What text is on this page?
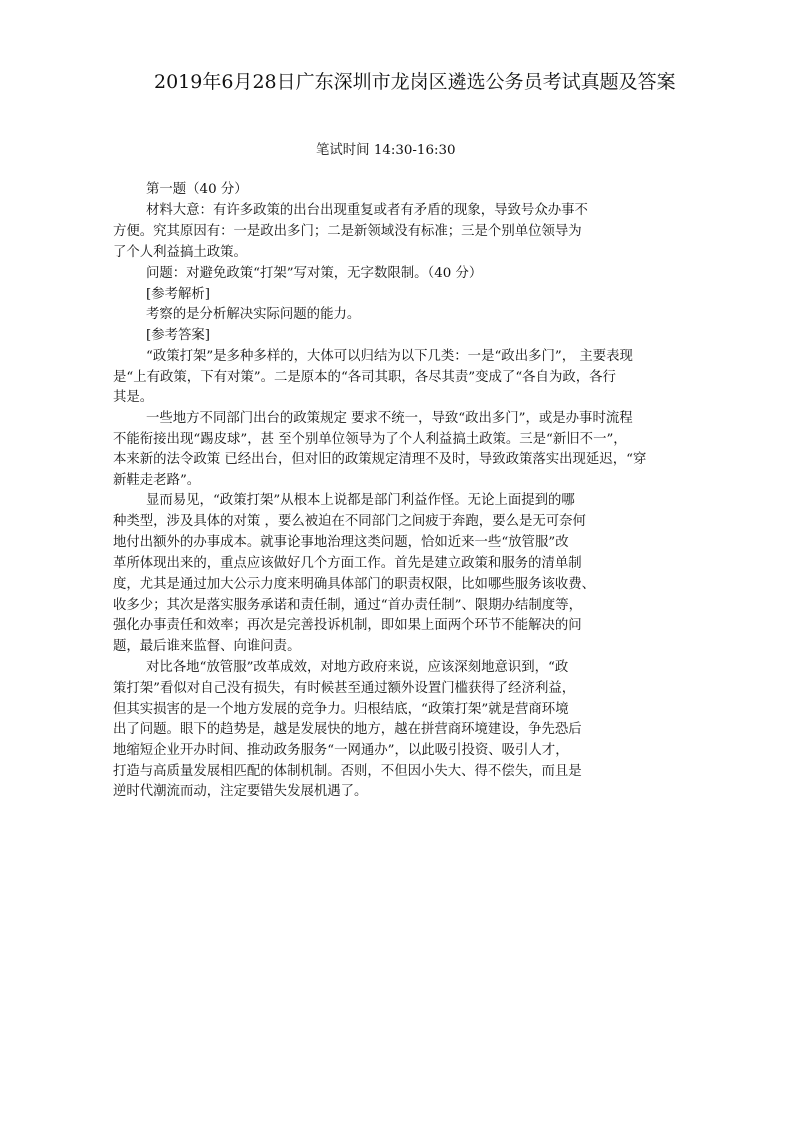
2019年6月28日广东深圳市龙岗区遴选公务员考试真题及答案
笔试时间 14:30-16:30
第一题（40 分）
材料大意：有许多政策的出台出现重复或者有矛盾的现象，导致号众办事不
方便。究其原因有：一是政出多门；二是新领域没有标准；三是个别单位领导为
了个人利益搞土政策。
问题：对避免政策“打架”写对策，无字数限制。（40 分）
[参考解析]
考察的是分析解决实际问题的能力。
[参考答案]
“政策打架”是多种多样的，大体可以归结为以下几类：一是“政出多门”， 主要表现
是“上有政策，下有对策”。二是原本的“各司其职，各尽其责”变成了“各自为政，各行
其是。
一些地方不同部门出台的政策规定 要求不统一，导致“政出多门”，或是办事时流程
不能衔接出现“踢皮球”，甚 至个别单位领导为了个人利益搞土政策。三是“新旧不一”，
本来新的法令政策 已经出台，但对旧的政策规定清理不及时，导致政策落实出现延迟，“穿
新鞋走老路”。
显而易见，“政策打架”从根本上说都是部门利益作怪。无论上面提到的哪
种类型，涉及具体的对策 ，要么被迫在不同部门之间疲于奔跑，要么是无可奈何
地付出额外的办事成本。就事论事地治理这类问题，恰如近来一些“放管服”改
革所体现出来的，重点应该做好几个方面工作。首先是建立政策和服务的清单制
度，尤其是通过加大公示力度来明确具体部门的职责权限，比如哪些服务该收费、
收多少；其次是落实服务承诺和责任制，通过“首办责任制”、限期办结制度等，
强化办事责任和效率；再次是完善投诉机制，即如果上面两个环节不能解决的问
题，最后谁来监督、向谁问责。
对比各地“放管服”改革成效，对地方政府来说，应该深刻地意识到，“政
策打架”看似对自己没有损失，有时候甚至通过额外设置门槛获得了经济利益，
但其实损害的是一个地方发展的竞争力。归根结底，“政策打架”就是营商环境
出了问题。眼下的趋势是，越是发展快的地方，越在拼营商环境建设，争先恐后
地缩短企业开办时间、推动政务服务“一网通办”，以此吸引投资、吸引人才，
打造与高质量发展相匹配的体制机制。否则，不但因小失大、得不偿失，而且是
逆时代潮流而动，注定要错失发展机遇了。
